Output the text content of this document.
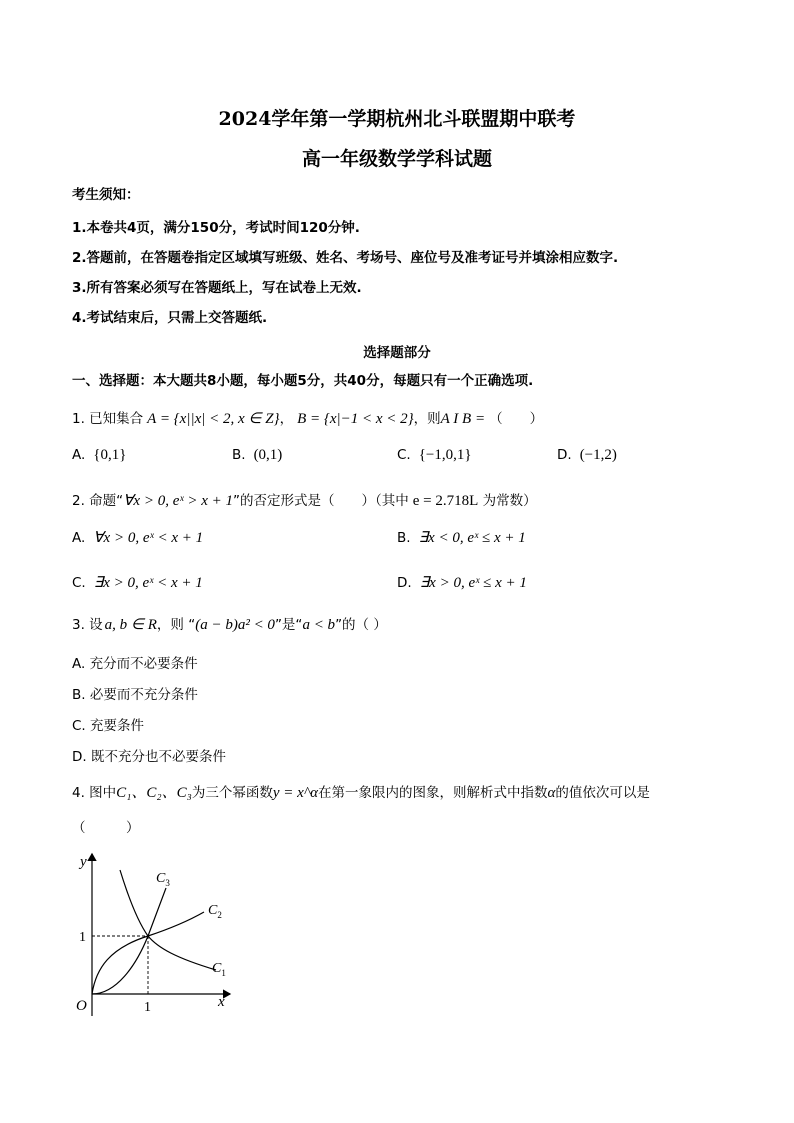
2024学年第一学期杭州北斗联盟期中联考
高一年级数学学科试题
考生须知：
1.本卷共4页，满分150分，考试时间120分钟.
2.答题前，在答题卷指定区域填写班级、姓名、考场号、座位号及准考证号并填涂相应数字.
3.所有答案必须写在答题纸上，写在试卷上无效.
4.考试结束后，只需上交答题纸.
选择题部分
一、选择题：本大题共8小题，每小题5分，共40分，每题只有一个正确选项.
1. 已知集合 A = {x||x| < 2, x ∈ Z} ， B = {x|−1 < x < 2} ，则 A I B = （　　）
A. {0,1}	B. (0,1)	C. {−1,0,1}	D. (−1,2)
2. 命题“ ∀x > 0, eˣ > x + 1 ”的否定形式是（　　）（其中 e = 2.718L 为常数）
A. ∀x > 0, eˣ < x + 1	B. ∃x < 0, eˣ ≤ x + 1
C. ∃x > 0, eˣ < x + 1	D. ∃x > 0, eˣ ≤ x + 1
3. 设 a, b ∈ R ，则 “ (a − b)a² < 0 ”是“ a < b ”的（ ）
A. 充分而不必要条件
B. 必要而不充分条件
C. 充要条件
D. 既不充分也不必要条件
4. 图中 C₁、C₂、C₃ 为三个幂函数 y = x^α 在第一象限内的图象，则解析式中指数 α 的值依次可以是
（　　　）
y
x
O	1
1
$C_3$
$C_2$
$C_1$
